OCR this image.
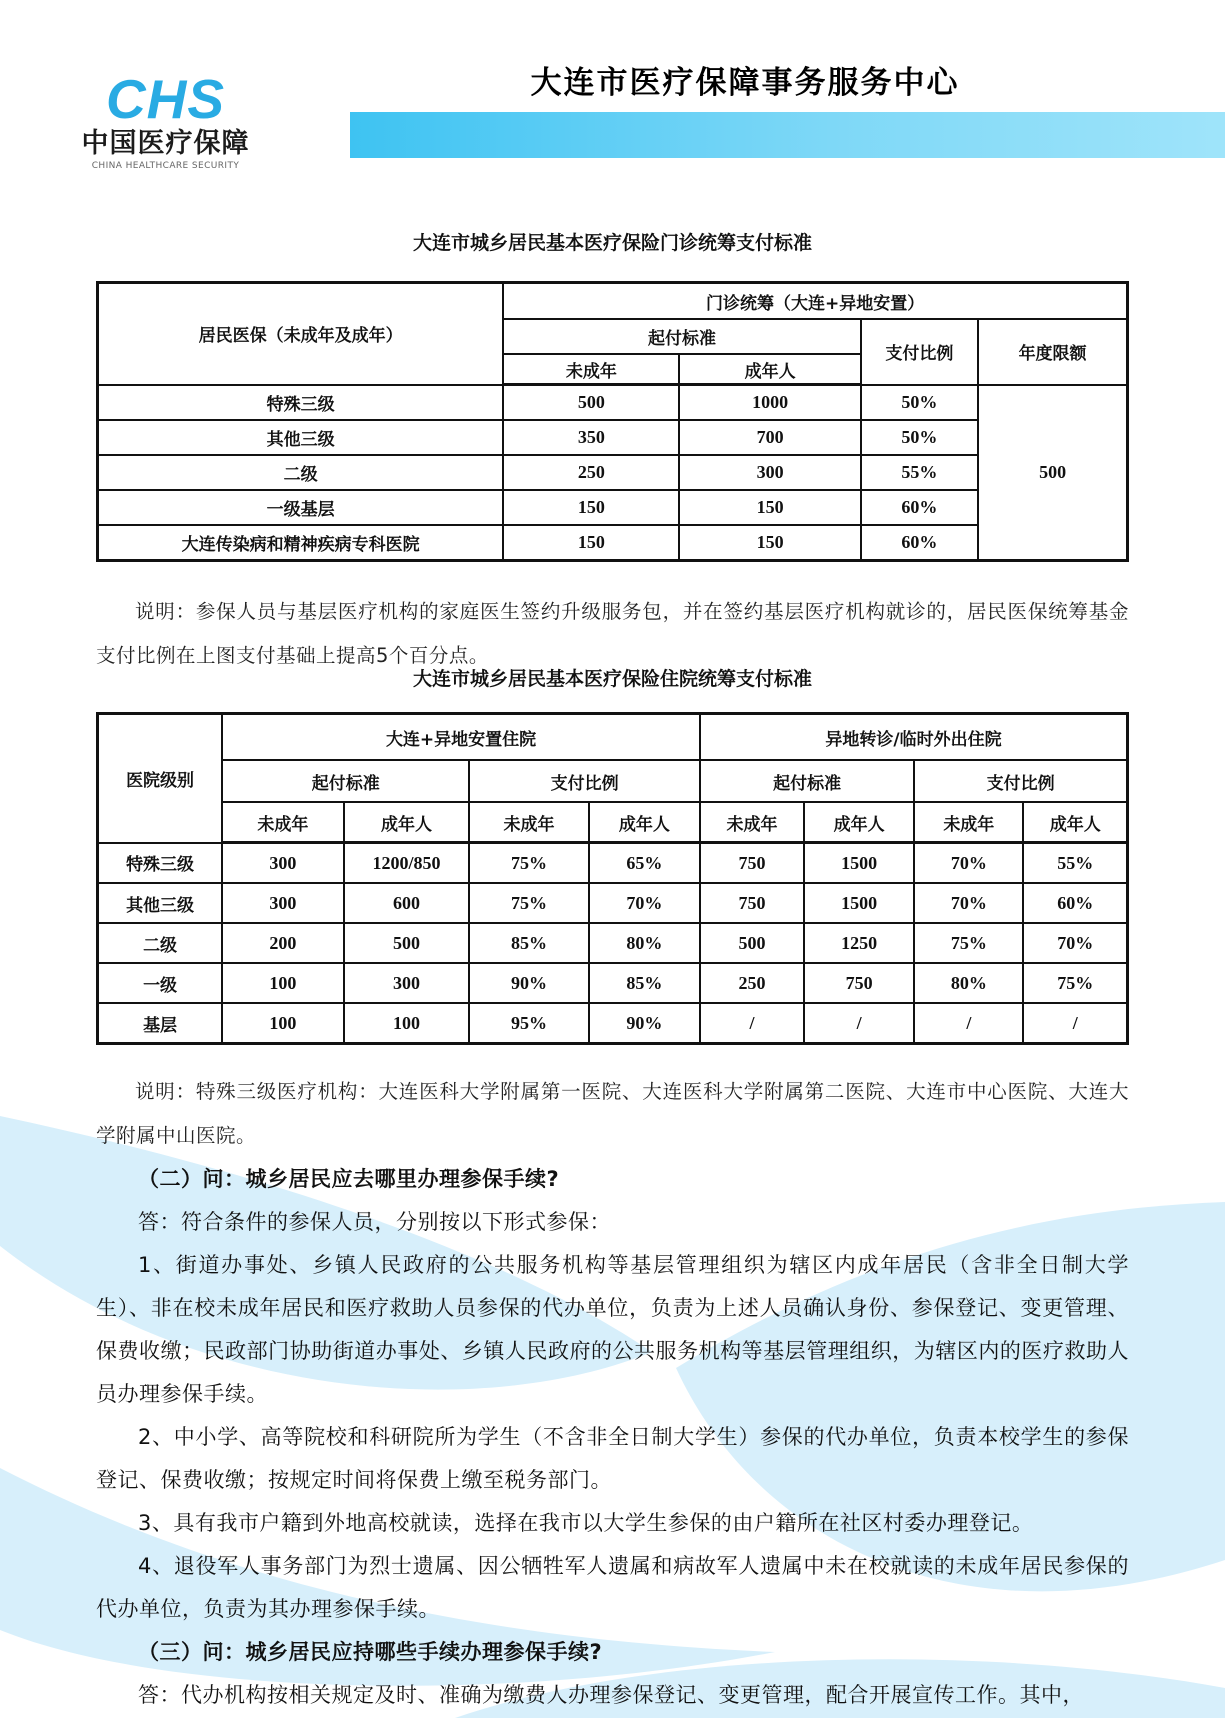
CHS
中国医疗保障
CHINA HEALTHCARE SECURITY
大连市医疗保障事务服务中心
大连市城乡居民基本医疗保险门诊统筹支付标准
居民医保（未成年及成年）	门诊统筹（大连+异地安置）			
	起付标准		支付比例	年度限额
	未成年	成年人		
特殊三级	500	1000	50%	500
其他三级	350	700	50%	
二级	250	300	55%	
一级基层	150	150	60%	
大连传染病和精神疾病专科医院	150	150	60%	

说明：参保人员与基层医疗机构的家庭医生签约升级服务包，并在签约基层医疗机构就诊的，居民医保统筹基金支付比例在上图支付基础上提高5个百分点。

大连市城乡居民基本医疗保险住院统筹支付标准
医院级别	大连+异地安置住院				异地转诊/临时外出住院			
	起付标准		支付比例		起付标准		支付比例	
	未成年	成年人	未成年	成年人	未成年	成年人	未成年	成年人
特殊三级	300	1200/850	75%	65%	750	1500	70%	55%
其他三级	300	600	75%	70%	750	1500	70%	60%
二级	200	500	85%	80%	500	1250	75%	70%
一级	100	300	90%	85%	250	750	80%	75%
基层	100	100	95%	90%	/	/	/	/

说明：特殊三级医疗机构：大连医科大学附属第一医院、大连医科大学附属第二医院、大连市中心医院、大连大学附属中山医院。

（二）问：城乡居民应去哪里办理参保手续?

答：符合条件的参保人员，分别按以下形式参保：

1、街道办事处、乡镇人民政府的公共服务机构等基层管理组织为辖区内成年居民（含非全日制大学生）、非在校未成年居民和医疗救助人员参保的代办单位，负责为上述人员确认身份、参保登记、变更管理、保费收缴；民政部门协助街道办事处、乡镇人民政府的公共服务机构等基层管理组织，为辖区内的医疗救助人员办理参保手续。

2、中小学、高等院校和科研院所为学生（不含非全日制大学生）参保的代办单位，负责本校学生的参保登记、保费收缴；按规定时间将保费上缴至税务部门。

3、具有我市户籍到外地高校就读，选择在我市以大学生参保的由户籍所在社区村委办理登记。

4、退役军人事务部门为烈士遗属、因公牺牲军人遗属和病故军人遗属中未在校就读的未成年居民参保的代办单位，负责为其办理参保手续。

（三）问：城乡居民应持哪些手续办理参保手续?

答：代办机构按相关规定及时、准确为缴费人办理参保登记、变更管理，配合开展宣传工作。其中，
